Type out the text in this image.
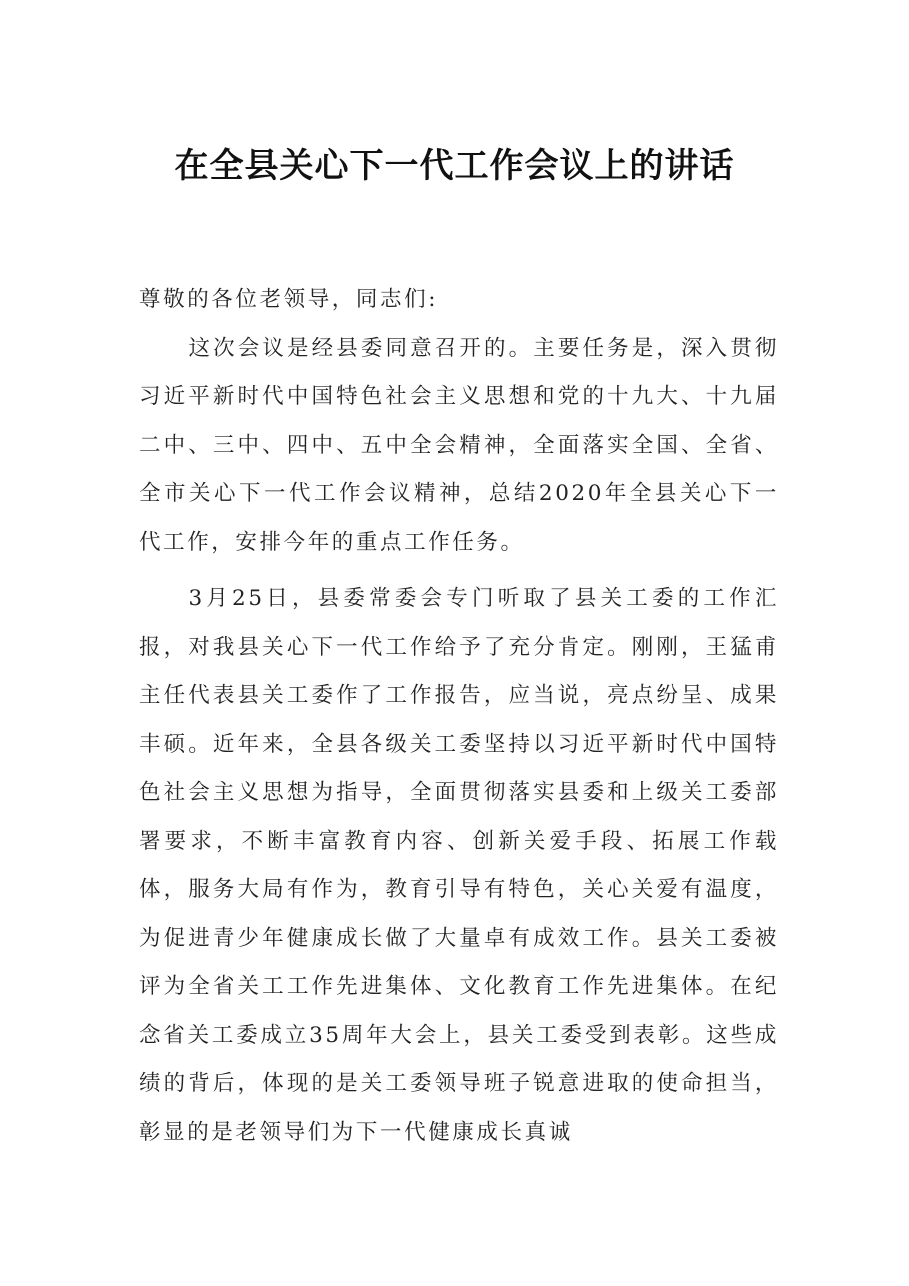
在全县关心下一代工作会议上的讲话

尊敬的各位老领导，同志们:

这次会议是经县委同意召开的。主要任务是，深入贯彻习近平新时代中国特色社会主义思想和党的十九大、十九届二中、三中、四中、五中全会精神，全面落实全国、全省、全市关心下一代工作会议精神，总结2020年全县关心下一代工作，安排今年的重点工作任务。

3月25日，县委常委会专门听取了县关工委的工作汇报，对我县关心下一代工作给予了充分肯定。刚刚，王猛甫主任代表县关工委作了工作报告，应当说，亮点纷呈、成果丰硕。近年来，全县各级关工委坚持以习近平新时代中国特色社会主义思想为指导，全面贯彻落实县委和上级关工委部署要求，不断丰富教育内容、创新关爱手段、拓展工作载体，服务大局有作为，教育引导有特色，关心关爱有温度，为促进青少年健康成长做了大量卓有成效工作。县关工委被评为全省关工工作先进集体、文化教育工作先进集体。在纪念省关工委成立35周年大会上，县关工委受到表彰。这些成绩的背后，体现的是关工委领导班子锐意进取的使命担当，彰显的是老领导们为下一代健康成长真诚
